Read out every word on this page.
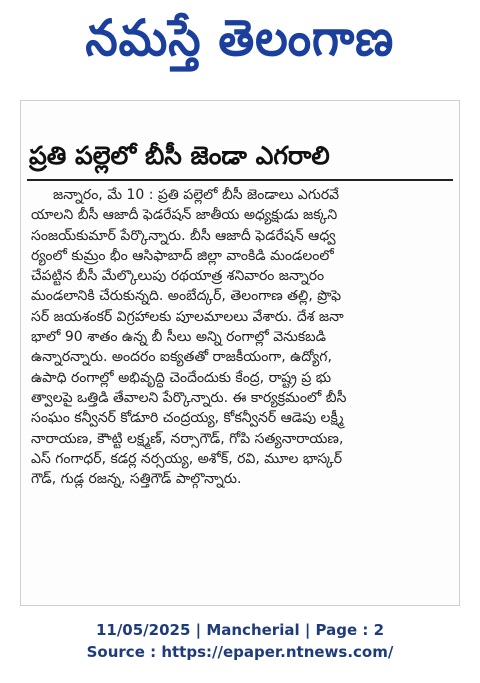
నమస్తే తెలంగాణ
ప్రతి పల్లెలో బీసీ జెండా ఎగరాలి
జన్నారం, మే 10 : ప్రతి పల్లెలో బీసీ జెండాలు ఎగురవే
యాలని బీసీ ఆజాదీ ఫెడరేషన్ జాతీయ అధ్యక్షుడు జక్కని
సంజయ్‌కుమార్ పేర్కొన్నారు. బీసీ ఆజాదీ ఫెడరేషన్ ఆధ్వ
ర్యంలో కుమ్రం భీం ఆసిఫాబాద్ జిల్లా వాంకిడి మండలంలో
చేపట్టిన బీసీ మేల్కొలుపు రథయాత్ర శనివారం జన్నారం
మండలానికి చేరుకున్నది. అంబేద్కర్, తెలంగాణ తల్లి, ప్రొఫె
సర్ జయశంకర్ విగ్రహాలకు పూలమాలలు వేశారు. దేశ జనా
భాలో 90 శాతం ఉన్న బీ సీలు అన్ని రంగాల్లో వెనుకబడి
ఉన్నారన్నారు. అందరం ఐక్యతతో రాజకీయంగా, ఉద్యోగ,
ఉపాధి రంగాల్లో అభివృద్ధి చెందేందుకు కేంద్ర, రాష్ట్ర ప్ర భు
త్వాలపై ఒత్తిడి తేవాలని పేర్కొన్నారు. ఈ కార్యక్రమంలో బీసీ
సంఘం కన్వీనర్ కోడూరి చంద్రయ్య, కోకన్వీనర్ ఆడెపు లక్ష్మీ
నారాయణ, కౌాట్టి లక్ష్మణ్, నర్సాగౌడ్, గోపి సత్యనారాయణ,
ఎస్ గంగాధర్, కడర్ల నర్సయ్య, అశోక్, రవి, మూల భాస్కర్
గౌడ్, గుడ్ల రజన్న, సత్తిగౌడ్ పాల్గొన్నారు.
11/05/2025 | Mancherial | Page : 2
Source : https://epaper.ntnews.com/
